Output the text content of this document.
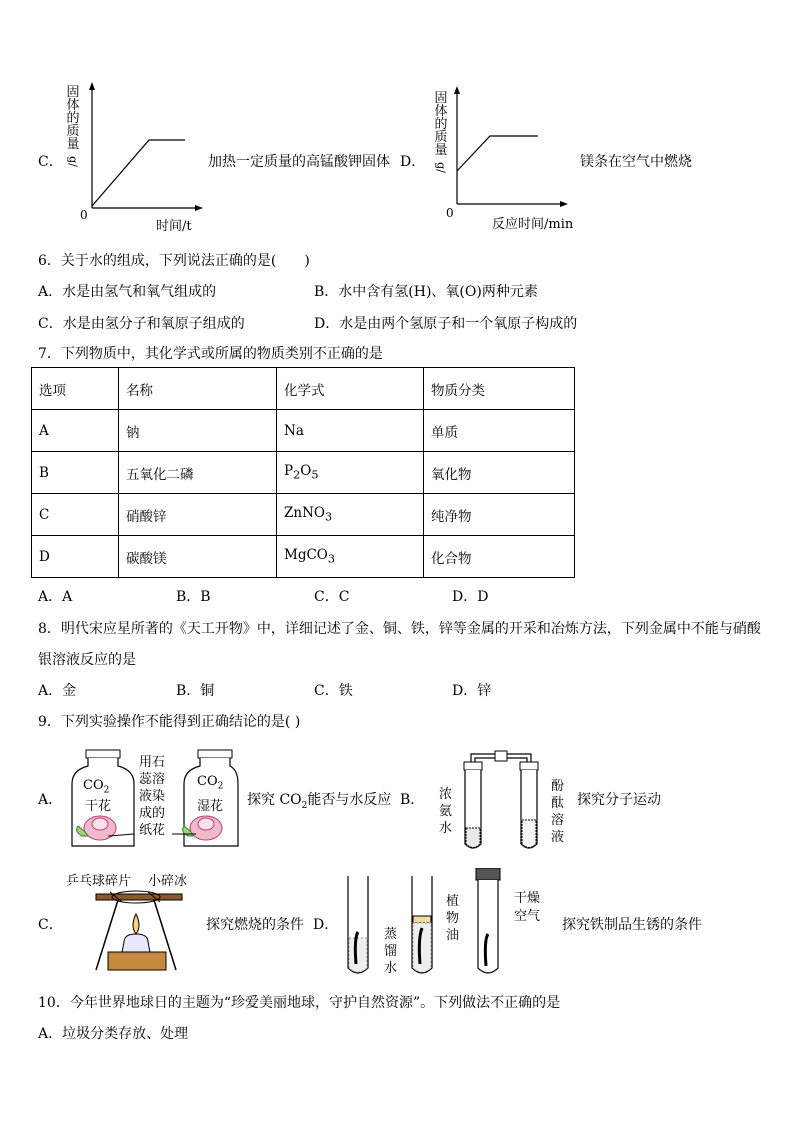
C．
固
体
的
质
量
g/
0
时间/t
加热一定质量的高锰酸钾固体 D．
固
体
的
质
量
g/
0
反应时间/min
镁条在空气中燃烧
6．关于水的组成，下列说法正确的是(　　)
A．水是由氢气和氧气组成的	B．水中含有氢(H)、氧(O)两种元素
C．水是由氢分子和氧原子组成的	D．水是由两个氢原子和一个氧原子构成的
7．下列物质中，其化学式或所属的物质类别不正确的是
选项	名称	化学式	物质分类
A	钠	Na	单质
B	五氧化二磷	$P_2O_5$	氧化物
C	硝酸锌	ZnNO$_3$	纯净物
D	碳酸镁	MgCO$_3$	化合物
A．A	B．B	C．C	D．D
8．明代宋应星所著的《天工开物》中，详细记述了金、铜、铁，锌等金属的开采和冶炼方法，下列金属中不能与硝酸
银溶液反应的是
A．金	B．铜	C．铁	D．锌
9．下列实验操作不能得到正确结论的是( )
A．
$CO_2$
干花
$CO_2$
湿花
用石
蕊溶
液染
成的
纸花
探究 $CO_2$能否与水反应 B． 浓
氨
水
酚
酞
溶
液
探究分子运动
C．
乒乓球碎片 小碎冰
探究燃烧的条件 D．
蒸
馏
水
植
物
油
干燥
空气
探究铁制品生锈的条件
10．今年世界地球日的主题为“珍爱美丽地球，守护自然资源”。下列做法不正确的是
A．垃圾分类存放、处理
